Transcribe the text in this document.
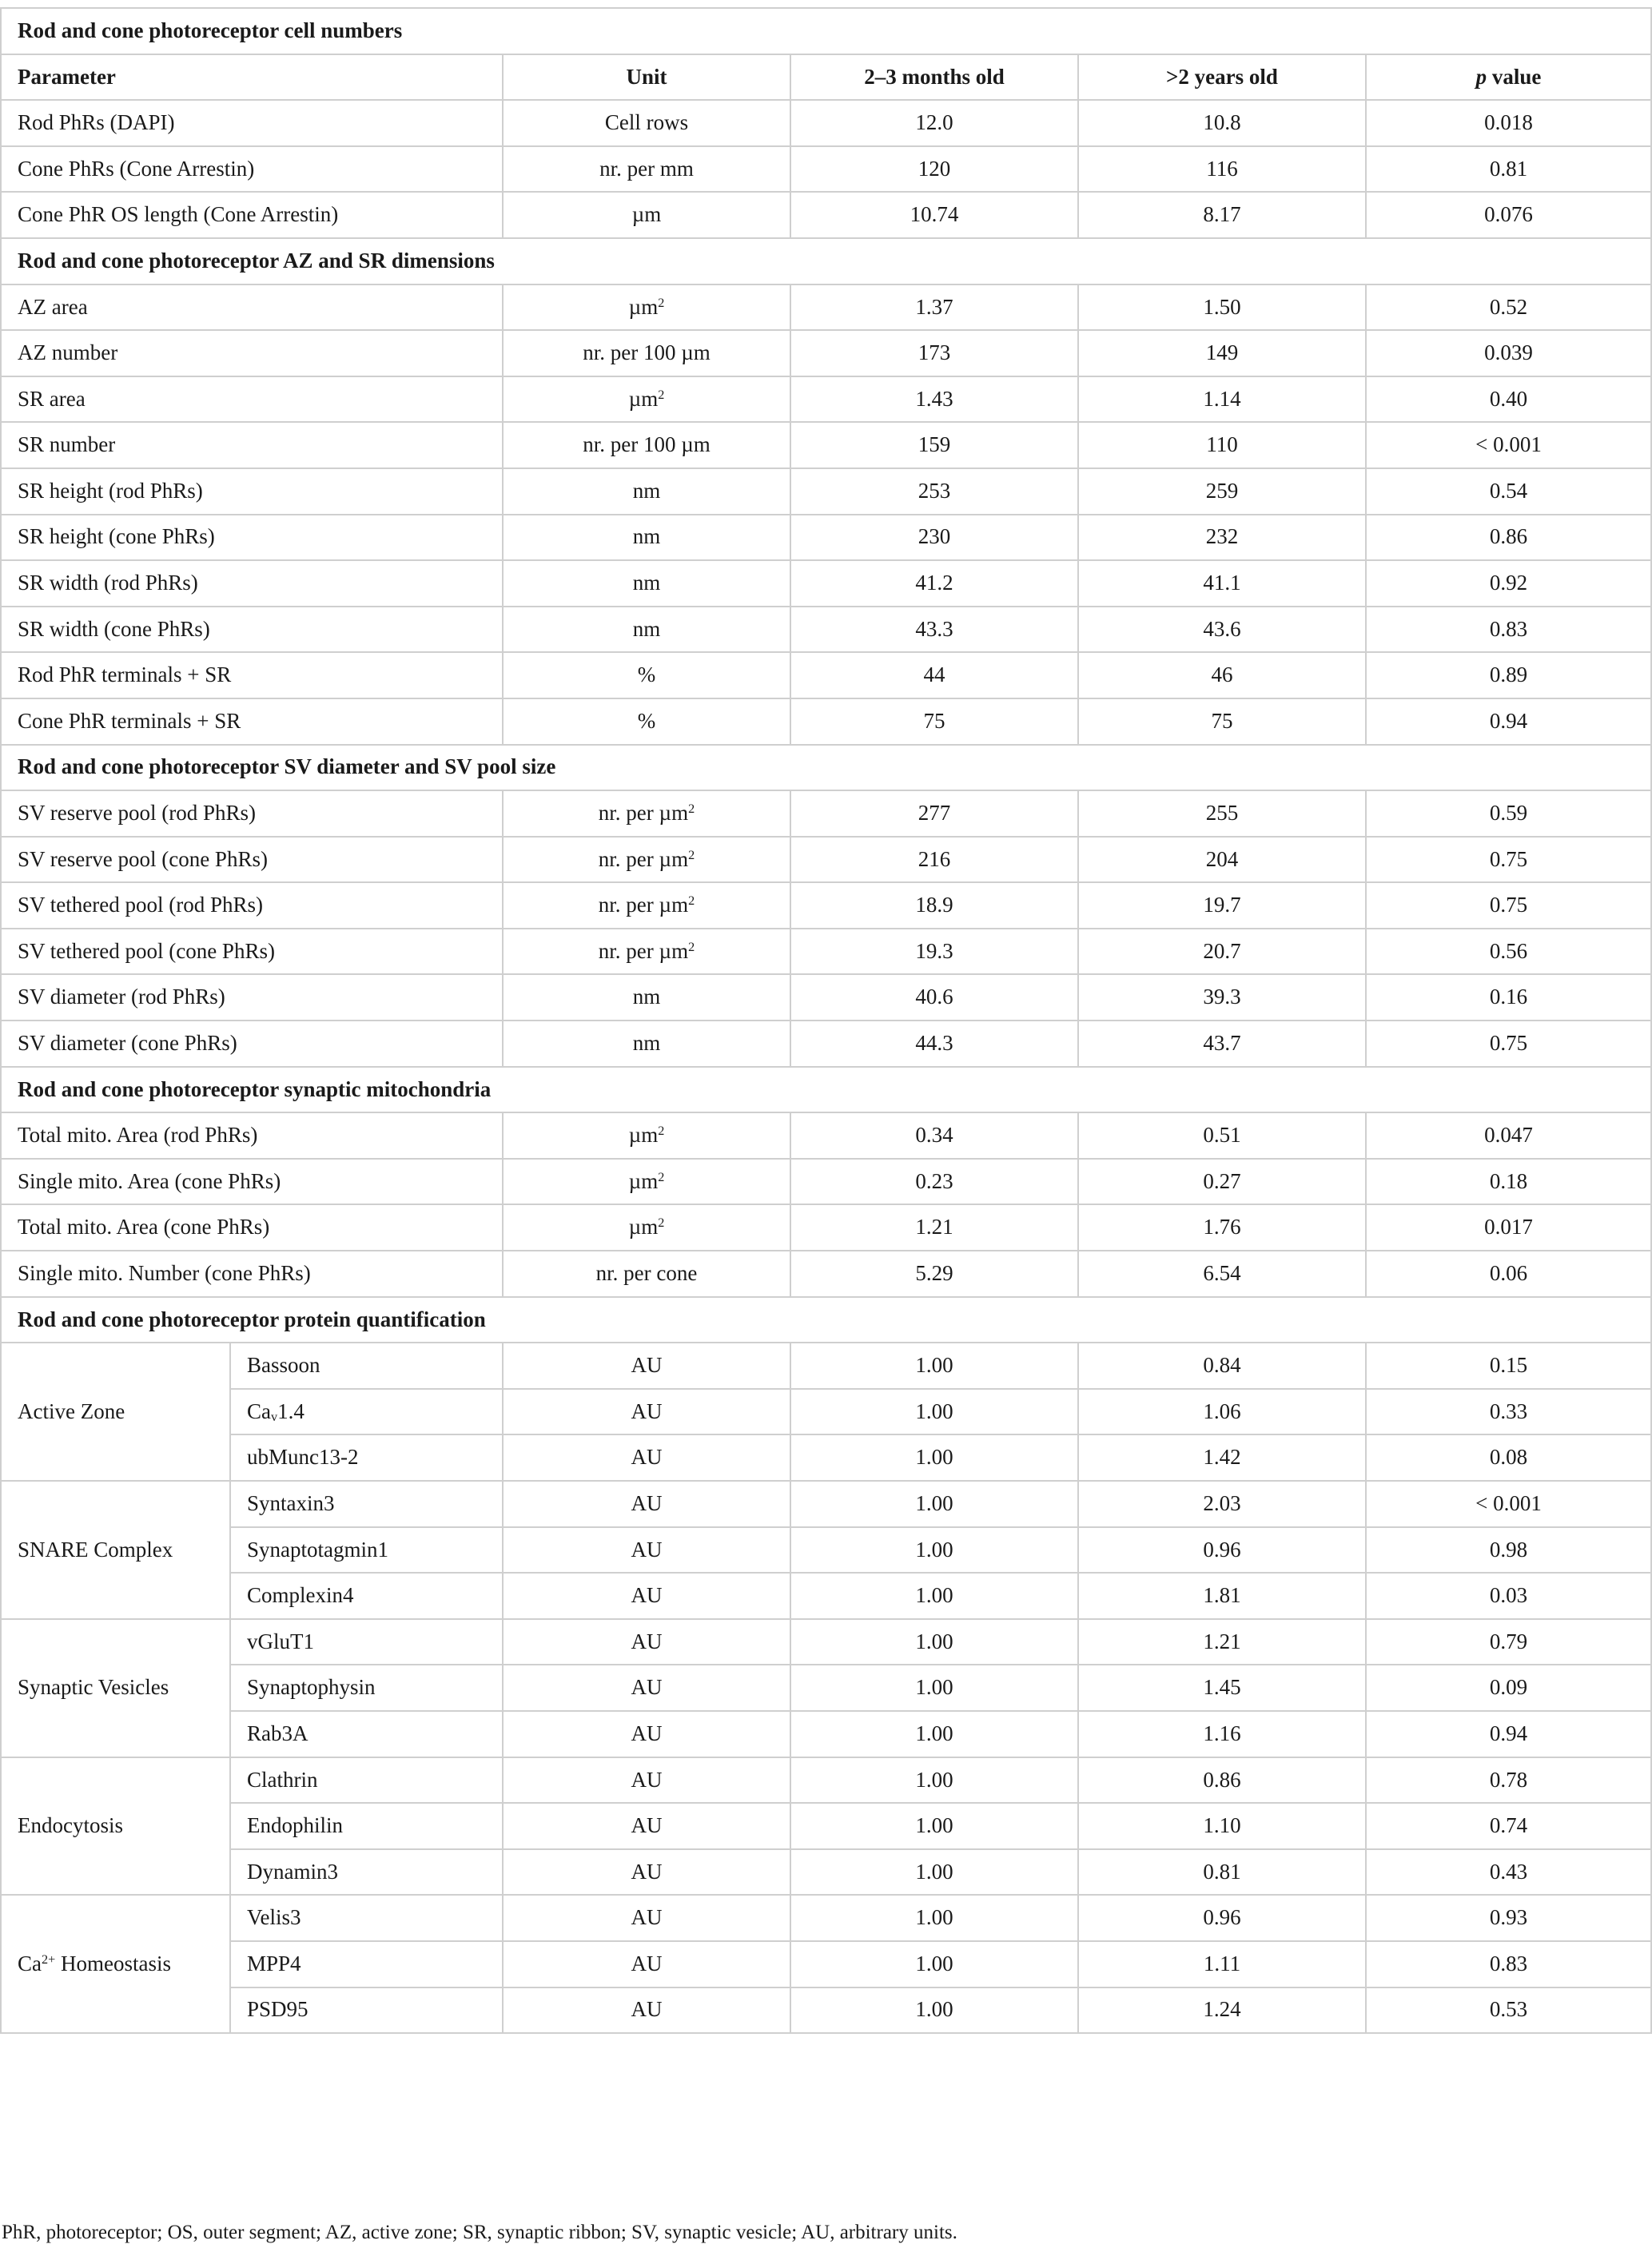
Rod and cone photoreceptor cell numbers					
Parameter		Unit	2–3 months old	>2 years old	p value
Rod PhRs (DAPI)		Cell rows	12.0	10.8	0.018
Cone PhRs (Cone Arrestin)		nr. per mm	120	116	0.81
Cone PhR OS length (Cone Arrestin)		µm	10.74	8.17	0.076
Rod and cone photoreceptor AZ and SR dimensions					
AZ area		µm$^2$	1.37	1.50	0.52
AZ number		nr. per 100 µm	173	149	0.039
SR area		µm$^2$	1.43	1.14	0.40
SR number		nr. per 100 µm	159	110	< 0.001
SR height (rod PhRs)		nm	253	259	0.54
SR height (cone PhRs)		nm	230	232	0.86
SR width (rod PhRs)		nm	41.2	41.1	0.92
SR width (cone PhRs)		nm	43.3	43.6	0.83
Rod PhR terminals + SR		%	44	46	0.89
Cone PhR terminals + SR		%	75	75	0.94
Rod and cone photoreceptor SV diameter and SV pool size					
SV reserve pool (rod PhRs)		nr. per µm$^2$	277	255	0.59
SV reserve pool (cone PhRs)		nr. per µm$^2$	216	204	0.75
SV tethered pool (rod PhRs)		nr. per µm$^2$	18.9	19.7	0.75
SV tethered pool (cone PhRs)		nr. per µm$^2$	19.3	20.7	0.56
SV diameter (rod PhRs)		nm	40.6	39.3	0.16
SV diameter (cone PhRs)		nm	44.3	43.7	0.75
Rod and cone photoreceptor synaptic mitochondria					
Total mito. Area (rod PhRs)		µm$^2$	0.34	0.51	0.047
Single mito. Area (cone PhRs)		µm$^2$	0.23	0.27	0.18
Total mito. Area (cone PhRs)		µm$^2$	1.21	1.76	0.017
Single mito. Number (cone PhRs)		nr. per cone	5.29	6.54	0.06
Rod and cone photoreceptor protein quantification					
Active Zone	Bassoon	AU	1.00	0.84	0.15
	$Ca_v1.4$	AU	1.00	1.06	0.33
	ubMunc13-2	AU	1.00	1.42	0.08
SNARE Complex	Syntaxin3	AU	1.00	2.03	< 0.001
	Synaptotagmin1	AU	1.00	0.96	0.98
	Complexin4	AU	1.00	1.81	0.03
Synaptic Vesicles	vGluT1	AU	1.00	1.21	0.79
	Synaptophysin	AU	1.00	1.45	0.09
	Rab3A	AU	1.00	1.16	0.94
Endocytosis	Clathrin	AU	1.00	0.86	0.78
	Endophilin	AU	1.00	1.10	0.74
	Dynamin3	AU	1.00	0.81	0.43
$Ca^{2+}$ Homeostasis	Velis3	AU	1.00	0.96	0.93
	MPP4	AU	1.00	1.11	0.83
	PSD95	AU	1.00	1.24	0.53

PhR, photoreceptor; OS, outer segment; AZ, active zone; SR, synaptic ribbon; SV, synaptic vesicle; AU, arbitrary units.
